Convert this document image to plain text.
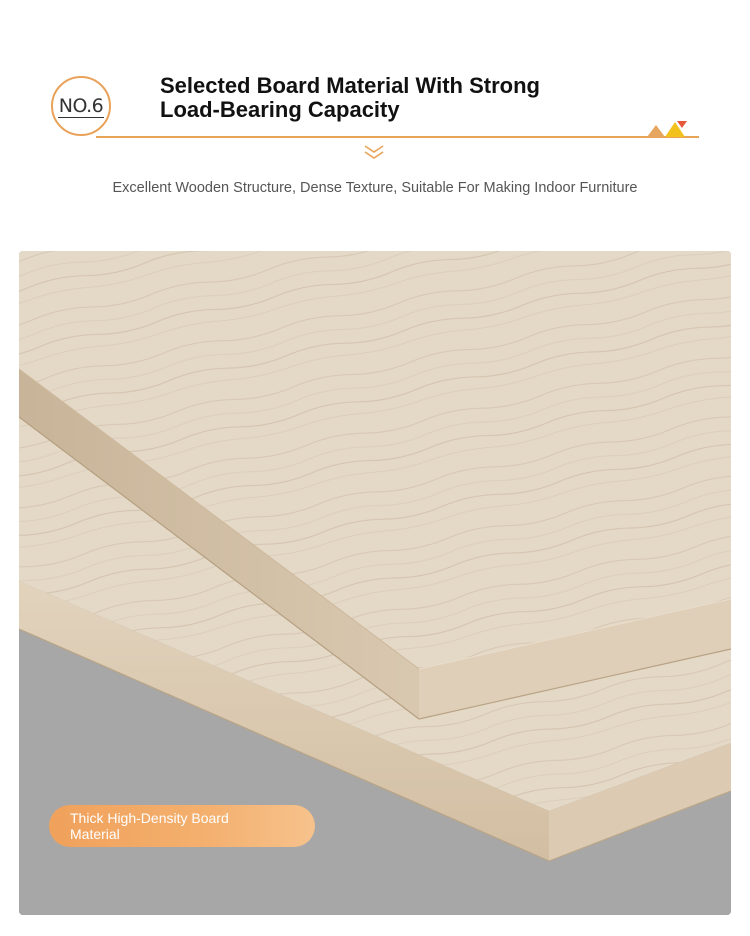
NO.6
Selected Board Material With Strong
Load-Bearing Capacity
Excellent Wooden Structure, Dense Texture, Suitable For Making Indoor Furniture
Thick High-Density Board
Material
